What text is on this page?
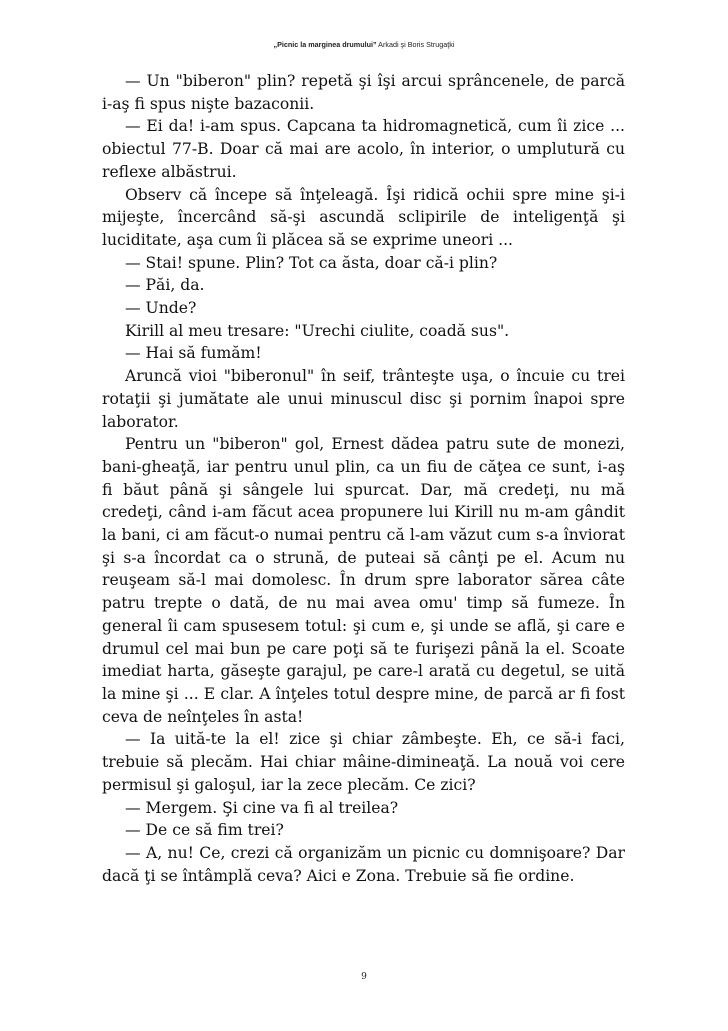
„Picnic la marginea drumului” Arkadi şi Boris Strugaţki

— Un "biberon" plin? repetă şi îşi arcui sprâncenele, de parcă i-aş fi spus nişte bazaconii.

— Ei da! i-am spus. Capcana ta hidromagnetică, cum îi zice ... obiectul 77-B. Doar că mai are acolo, în interior, o umplutură cu reflexe albăstrui.

Observ că începe să înţeleagă. Îşi ridică ochii spre mine şi-i mijeşte, încercând să-şi ascundă sclipirile de inteligenţă şi luciditate, aşa cum îi plăcea să se exprime uneori ...

— Stai! spune. Plin? Tot ca ăsta, doar că-i plin?

— Păi, da.

— Unde?

Kirill al meu tresare: "Urechi ciulite, coadă sus".

— Hai să fumăm!

Aruncă vioi "biberonul" în seif, trânteşte uşa, o încuie cu trei rotaţii şi jumătate ale unui minuscul disc şi pornim înapoi spre laborator.

Pentru un "biberon" gol, Ernest dădea patru sute de monezi, bani-gheaţă, iar pentru unul plin, ca un fiu de căţea ce sunt, i-aş fi băut până şi sângele lui spurcat. Dar, mă credeţi, nu mă credeţi, când i-am făcut acea propunere lui Kirill nu m-am gândit la bani, ci am făcut-o numai pentru că l-am văzut cum s-a înviorat şi s-a încordat ca o strună, de puteai să cânţi pe el. Acum nu reuşeam să-l mai domolesc. În drum spre laborator sărea câte patru trepte o dată, de nu mai avea omu' timp să fumeze. În general îi cam spusesem totul: şi cum e, şi unde se află, şi care e drumul cel mai bun pe care poţi să te furişezi până la el. Scoate imediat harta, găseşte garajul, pe care-l arată cu degetul, se uită la mine şi ... E clar. A înţeles totul despre mine, de parcă ar fi fost ceva de neînţeles în asta!

— Ia uită-te la el! zice şi chiar zâmbeşte. Eh, ce să-i faci, trebuie să plecăm. Hai chiar mâine-dimineaţă. La nouă voi cere permisul şi galoşul, iar la zece plecăm. Ce zici?

— Mergem. Şi cine va fi al treilea?

— De ce să fim trei?

— A, nu! Ce, crezi că organizăm un picnic cu domnişoare? Dar dacă ţi se întâmplă ceva? Aici e Zona. Trebuie să fie ordine.

9
